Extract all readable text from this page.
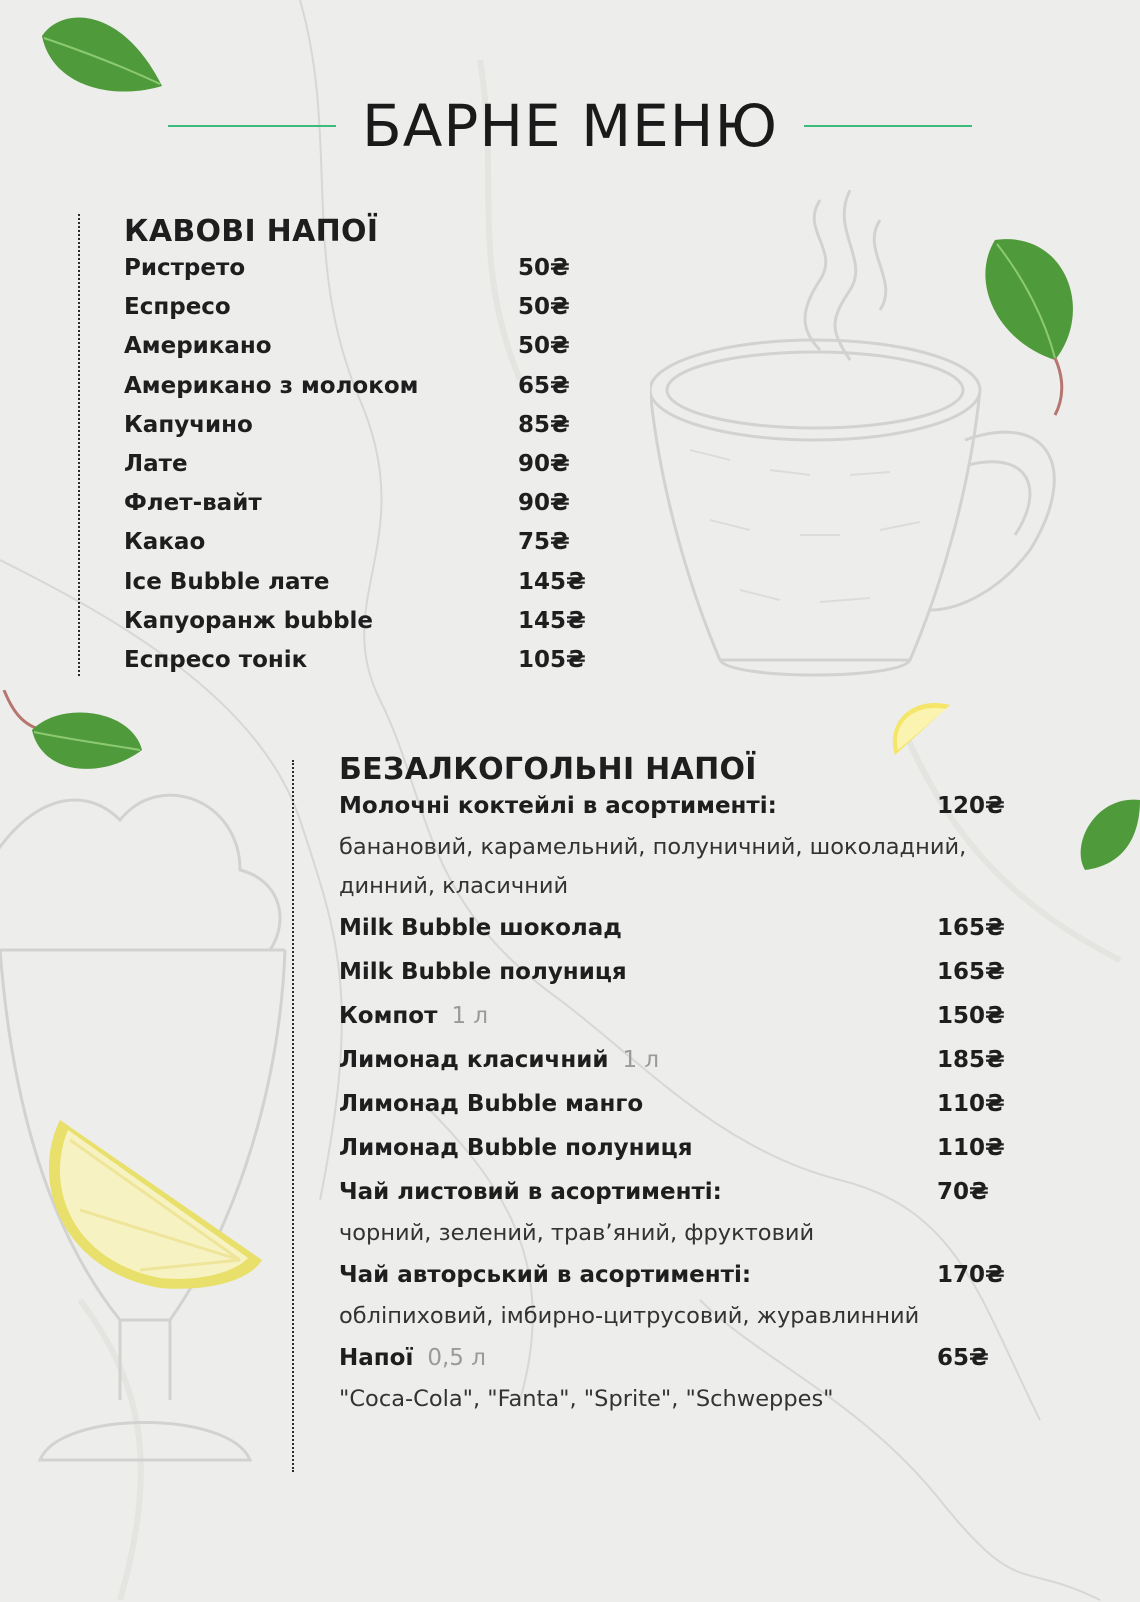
БАРНЕ МЕНЮ
КАВОВІ НАПОЇ
Ристрето	50₴
Еспресо	50₴
Американо	50₴
Американо з молоком	65₴
Капучино	85₴
Лате	90₴
Флет-вайт	90₴
Какао	75₴
Ice Bubble лате	145₴
Капуоранж bubble	145₴
Еспресо тонік	105₴
БЕЗАЛКОГОЛЬНІ НАПОЇ
Молочні коктейлі в асортименті:	120₴
банановий, карамельний, полуничний, шоколадний, динний, класичний
Milk Bubble шоколад	165₴
Milk Bubble полуниця	165₴
Компот 1 л	150₴
Лимонад класичний 1 л	185₴
Лимонад Bubble манго	110₴
Лимонад Bubble полуниця	110₴
Чай листовий в асортименті:	70₴
чорний, зелений, трав’яний, фруктовий
Чай авторський в асортименті:	170₴
обліпиховий, імбирно-цитрусовий, журавлинний
Напої 0,5 л	65₴
"Coca-Cola", "Fanta", "Sprite", "Schweppes"
